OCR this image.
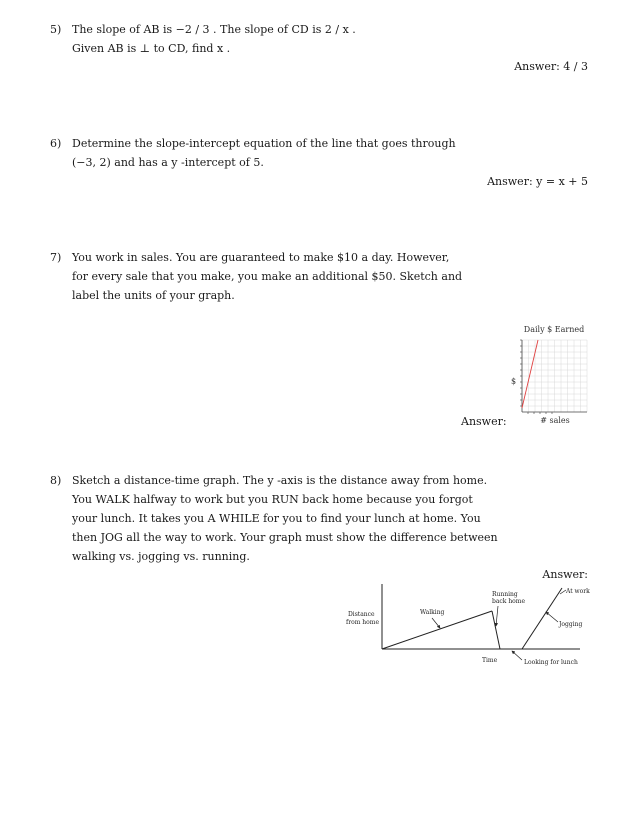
5) The slope of AB is −2 / 3 . The slope of CD is 2 / x .
Given AB is ⊥ to CD, find x .
Answer: 4 / 3
6) Determine the slope-intercept equation of the line that goes through
(−3, 2) and has a y -intercept of 5.
Answer: y = x + 5
7) You work in sales. You are guaranteed to make $10 a day. However,
for every sale that you make, you make an additional $50. Sketch and
label the units of your graph.
Answer:
Daily $ Earned
$
# sales
8) Sketch a distance-time graph. The y -axis is the distance away from home.
You WALK halfway to work but you RUN back home because you forgot
your lunch. It takes you A WHILE for you to find your lunch at home. You
then JOG all the way to work. Your graph must show the difference between
walking vs. jogging vs. running.
Answer:
Distance
from home
Walking
Running
back home
Time	Looking for lunch
Jogging
At work
